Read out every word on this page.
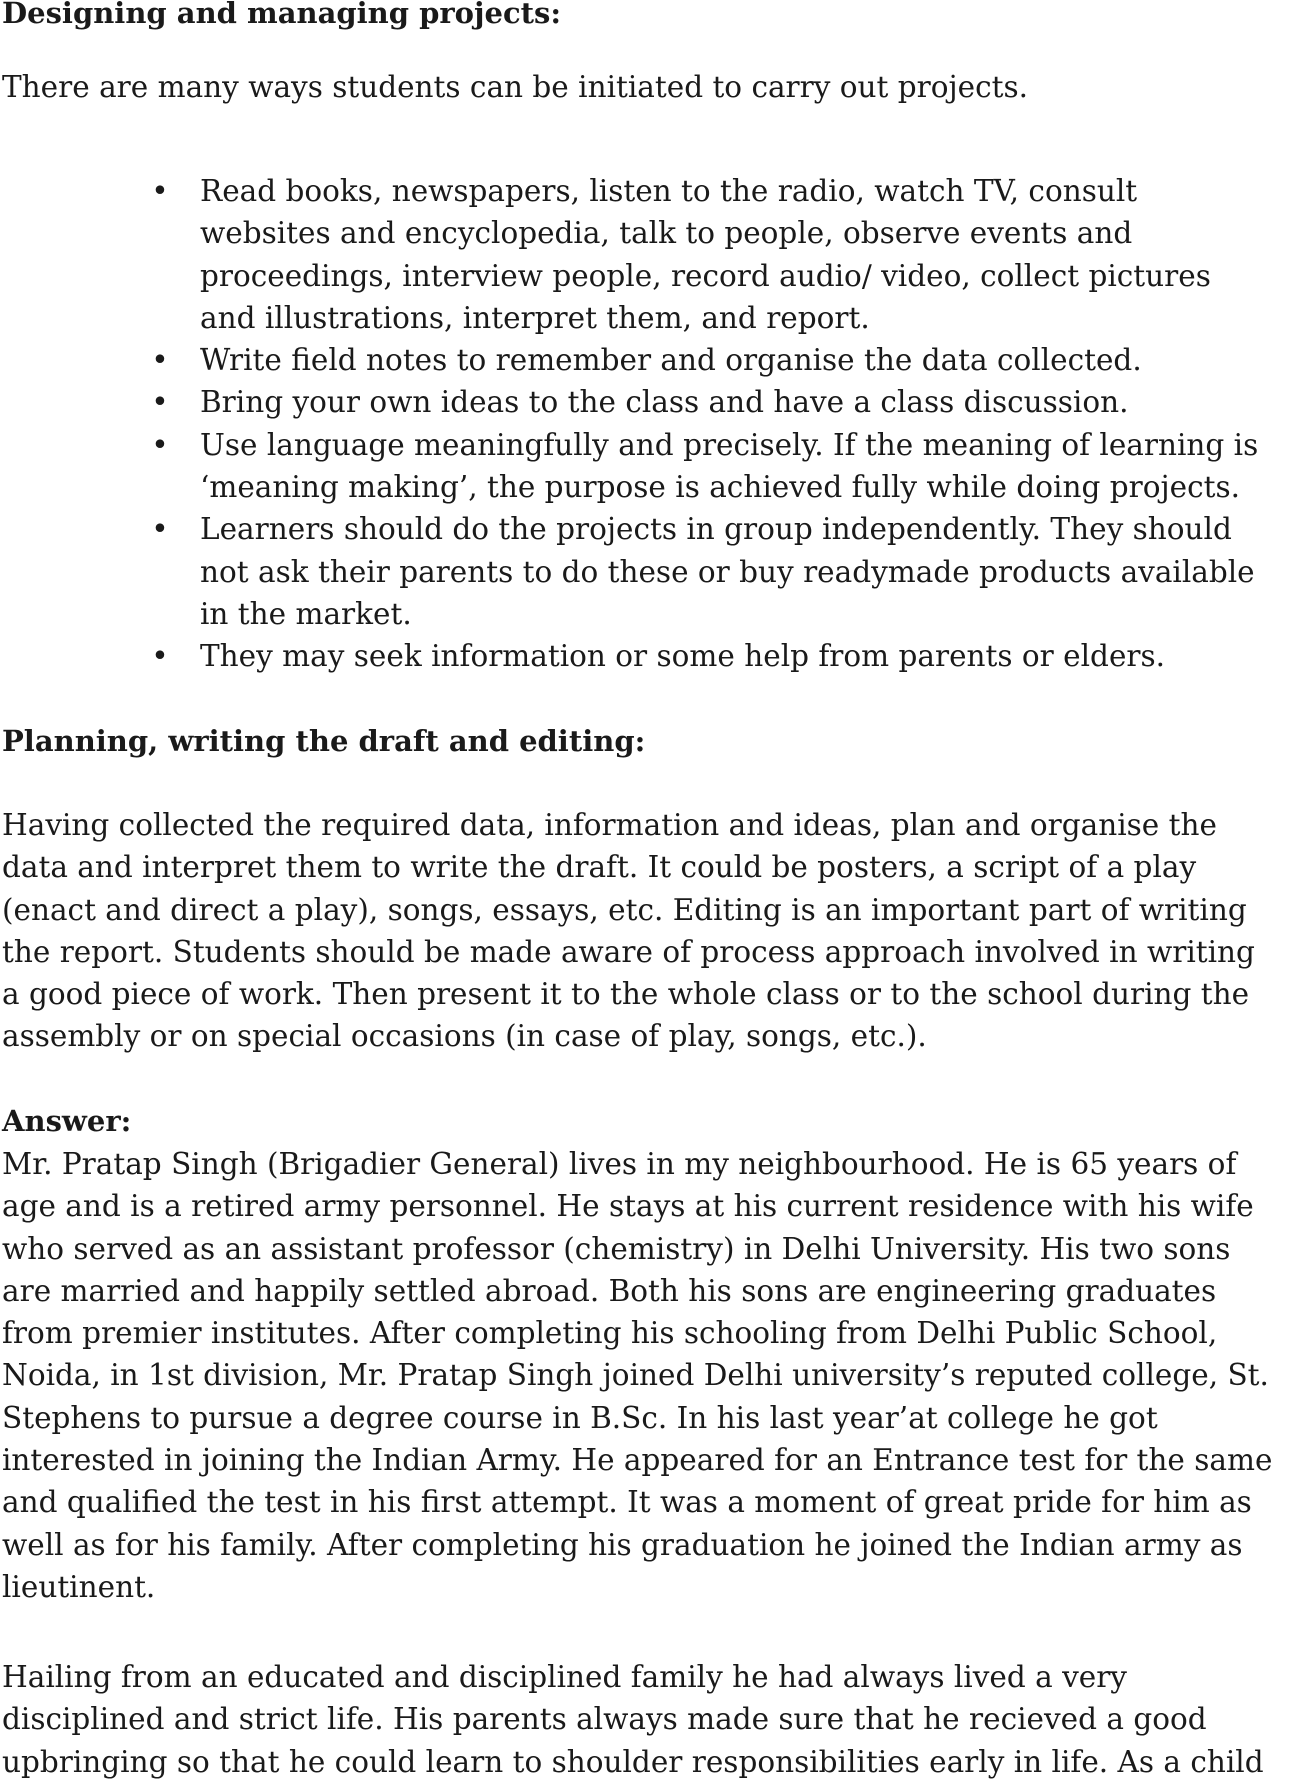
Designing and managing projects:
There are many ways students can be initiated to carry out projects.
• Read books, newspapers, listen to the radio, watch TV, consult
websites and encyclopedia, talk to people, observe events and
proceedings, interview people, record audio/ video, collect pictures
and illustrations, interpret them, and report.
• Write field notes to remember and organise the data collected.
• Bring your own ideas to the class and have a class discussion.
• Use language meaningfully and precisely. If the meaning of learning is
‘meaning making’, the purpose is achieved fully while doing projects.
• Learners should do the projects in group independently. They should
not ask their parents to do these or buy readymade products available
in the market.
• They may seek information or some help from parents or elders.
Planning, writing the draft and editing:
Having collected the required data, information and ideas, plan and organise the
data and interpret them to write the draft. It could be posters, a script of a play
(enact and direct a play), songs, essays, etc. Editing is an important part of writing
the report. Students should be made aware of process approach involved in writing
a good piece of work. Then present it to the whole class or to the school during the
assembly or on special occasions (in case of play, songs, etc.).
Answer:
Mr. Pratap Singh (Brigadier General) lives in my neighbourhood. He is 65 years of
age and is a retired army personnel. He stays at his current residence with his wife
who served as an assistant professor (chemistry) in Delhi University. His two sons
are married and happily settled abroad. Both his sons are engineering graduates
from premier institutes. After completing his schooling from Delhi Public School,
Noida, in 1st division, Mr. Pratap Singh joined Delhi university’s reputed college, St.
Stephens to pursue a degree course in B.Sc. In his last year’at college he got
interested in joining the Indian Army. He appeared for an Entrance test for the same
and qualified the test in his first attempt. It was a moment of great pride for him as
well as for his family. After completing his graduation he joined the Indian army as
lieutinent.
Hailing from an educated and disciplined family he had always lived a very
disciplined and strict life. His parents always made sure that he recieved a good
upbringing so that he could learn to shoulder responsibilities early in life. As a child
